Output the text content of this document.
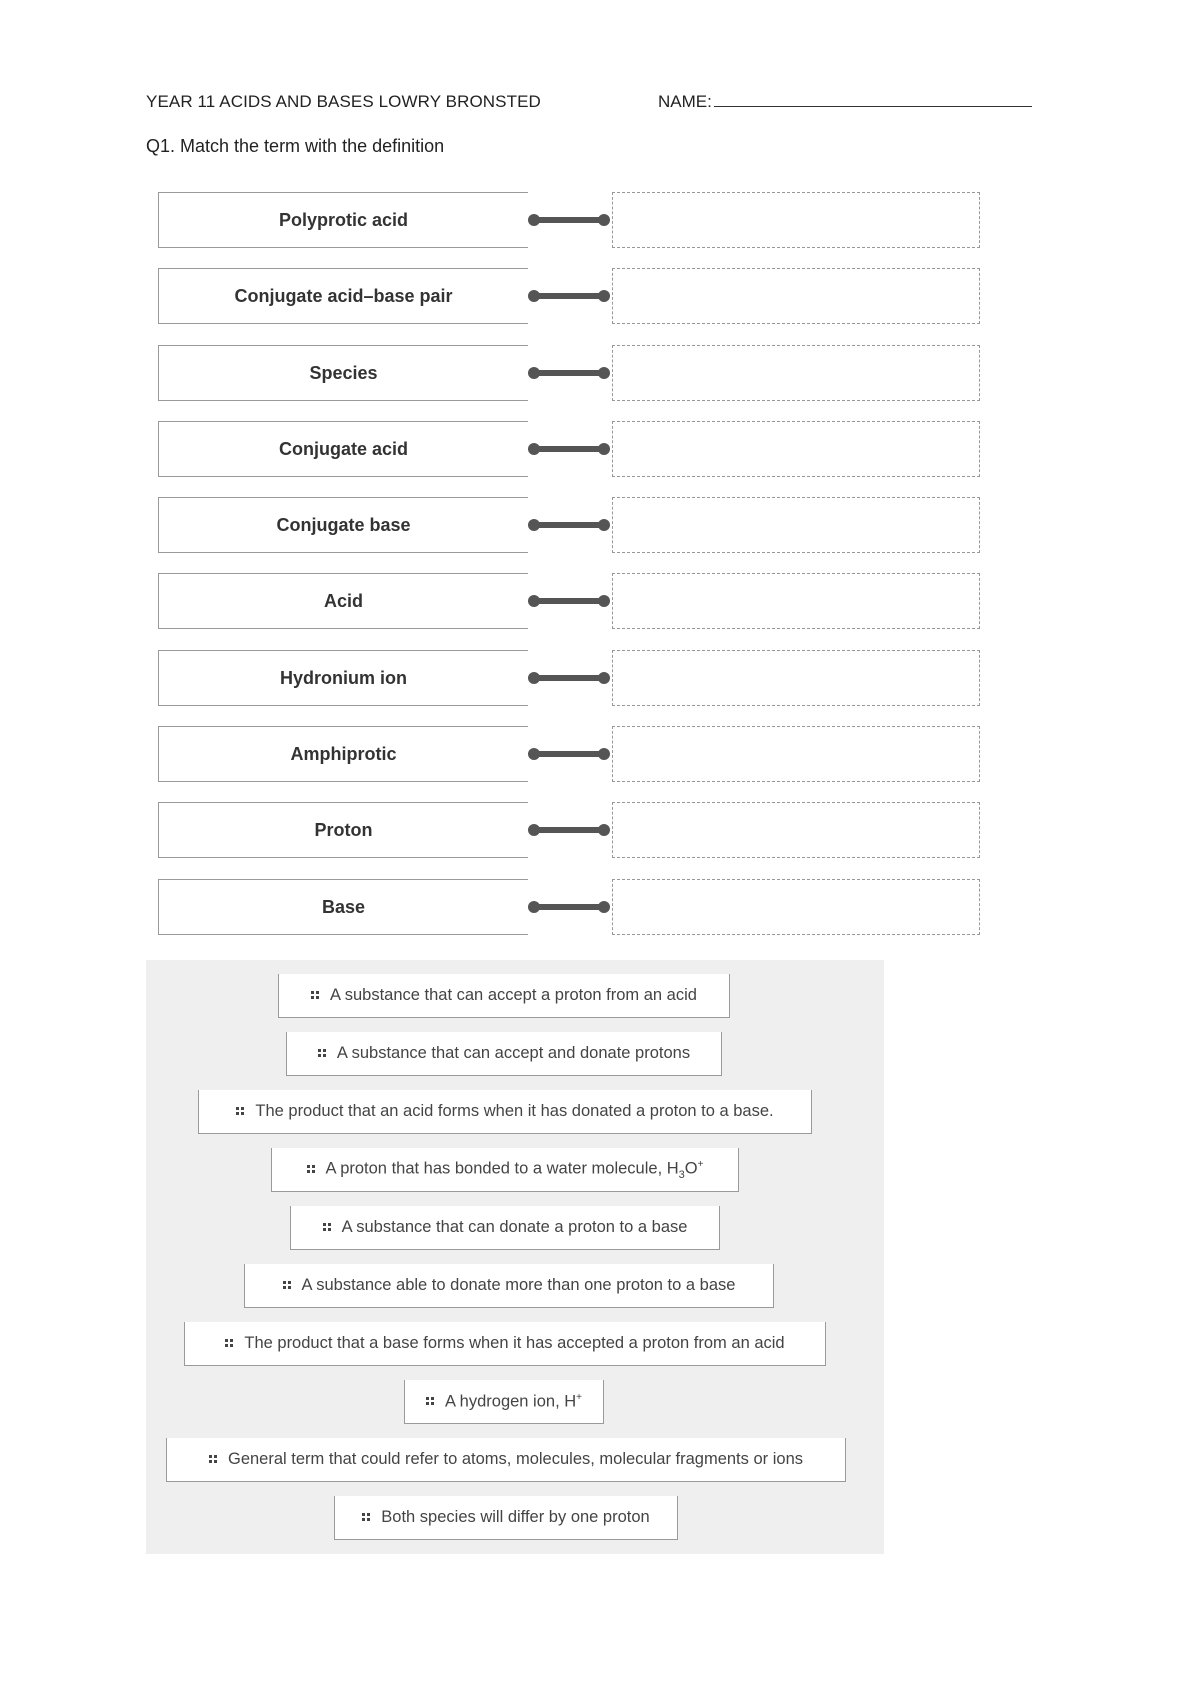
YEAR 11 ACIDS AND BASES LOWRY BRONSTED	NAME:
Q1. Match the term with the definition
Polyprotic acid
Conjugate acid–base pair
Species
Conjugate acid
Conjugate base
Acid
Hydronium ion
Amphiprotic
Proton
Base
A substance that can accept a proton from an acid
A substance that can accept and donate protons
The product that an acid forms when it has donated a proton to a base.
A proton that has bonded to a water molecule, $H_3O^+$
A substance that can donate a proton to a base
A substance able to donate more than one proton to a base
The product that a base forms when it has accepted a proton from an acid
A hydrogen ion, H+
General term that could refer to atoms, molecules, molecular fragments or ions
Both species will differ by one proton
